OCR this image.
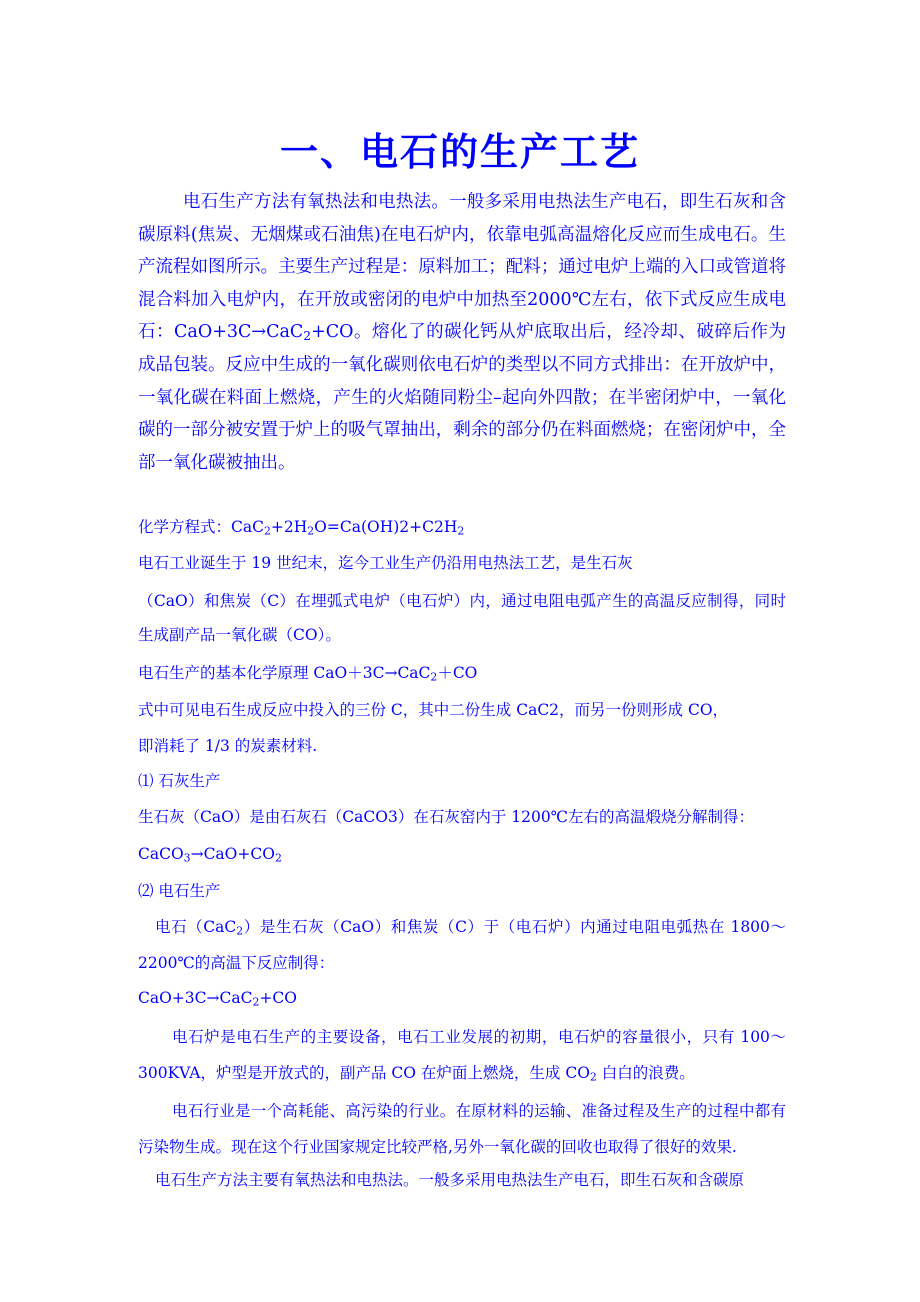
一、电石的生产工艺
电石生产方法有氧热法和电热法。一般多采用电热法生产电石，即生石灰和含碳原料(焦炭、无烟煤或石油焦)在电石炉内，依靠电弧高温熔化反应而生成电石。生产流程如图所示。主要生产过程是：原料加工；配料；通过电炉上端的入口或管道将混合料加入电炉内，在开放或密闭的电炉中加热至2000℃左右，依下式反应生成电石：CaO+3C→CaC$_2$+CO。熔化了的碳化钙从炉底取出后，经冷却、破碎后作为成品包装。反应中生成的一氧化碳则依电石炉的类型以不同方式排出：在开放炉中，一氧化碳在料面上燃烧，产生的火焰随同粉尘–起向外四散；在半密闭炉中，一氧化碳的一部分被安置于炉上的吸气罩抽出，剩余的部分仍在料面燃烧；在密闭炉中，全部一氧化碳被抽出。
化学方程式：$CaC_2+2H_2O=Ca(OH)2+C2H_2$
电石工业诞生于 19 世纪末，迄今工业生产仍沿用电热法工艺，是生石灰
（CaO）和焦炭（C）在埋弧式电炉（电石炉）内，通过电阻电弧产生的高温反应制得，同时生成副产品一氧化碳（CO）。
电石生产的基本化学原理 CaO＋3C→CaC$_2$＋CO
式中可见电石生成反应中投入的三份 C，其中二份生成 CaC2，而另一份则形成 CO，
即消耗了 1/3 的炭素材料.
⑴ 石灰生产
生石灰（CaO）是由石灰石（CaCO3）在石灰窑内于 1200℃左右的高温煅烧分解制得：
$CaCO_3\to CaO+CO_2$
⑵ 电石生产
电石（CaC$_2$）是生石灰（CaO）和焦炭（C）于（电石炉）内通过电阻电弧热在 1800～2200℃的高温下反应制得：
CaO+3C→CaC$_2$+CO
电石炉是电石生产的主要设备，电石工业发展的初期，电石炉的容量很小，只有 100～300KVA，炉型是开放式的，副产品 CO 在炉面上燃烧，生成 $CO_2$ 白白的浪费。
电石行业是一个高耗能、高污染的行业。在原材料的运输、准备过程及生产的过程中都有污染物生成。现在这个行业国家规定比较严格,另外一氧化碳的回收也取得了很好的效果.
电石生产方法主要有氧热法和电热法。一般多采用电热法生产电石，即生石灰和含碳原
